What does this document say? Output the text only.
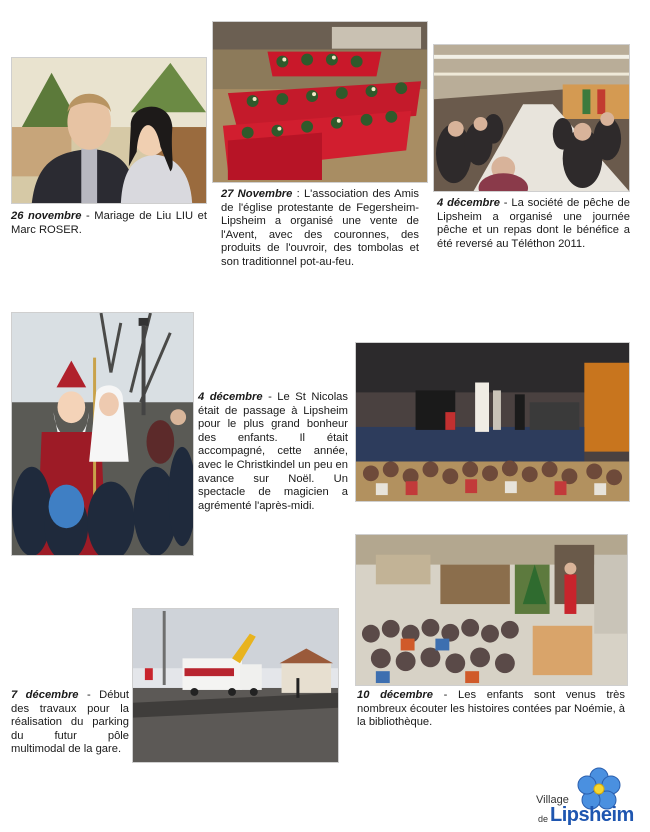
26 novembre - Mariage de Liu LIU et Marc ROSER.

27 Novembre : L'association des Amis de l'église protestante de Fegersheim-Lipsheim a organisé une vente de l'Avent, avec des couronnes, des produits de l'ouvroir, des tombolas et son traditionnel pot-au-feu.

4 décembre - La société de pêche de Lipsheim a organisé une journée pêche et un repas dont le bénéfice a été reversé au Téléthon 2011.

4 décembre - Le St Nicolas était de passage à Lipsheim pour le plus grand bonheur des enfants. Il était accompagné, cette année, avec le Christkindel un peu en avance sur Noël. Un spectacle de magicien a agrémenté l'après-midi.

10 décembre - Les enfants sont venus très nombreux écouter les histoires contées par Noémie, à la bibliothèque.

7 décembre - Début des travaux pour la réalisation du parking du futur pôle multimodal de la gare.

Village
de Lipsheim
